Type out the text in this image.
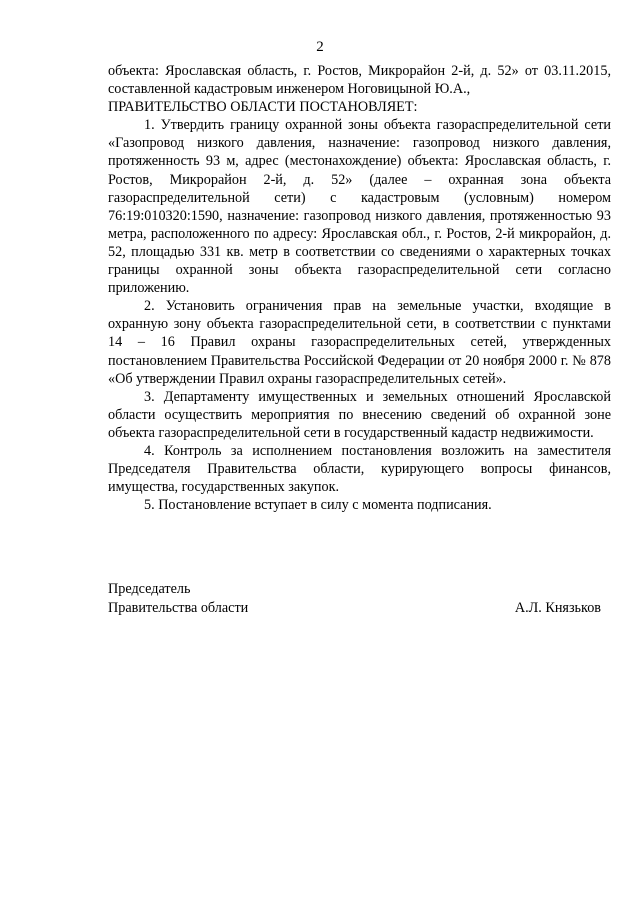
2

объекта: Ярославская область, г. Ростов, Микрорайон 2-й, д. 52» от 03.11.2015, составленной кадастровым инженером Ноговицыной Ю.А.,

ПРАВИТЕЛЬСТВО ОБЛАСТИ ПОСТАНОВЛЯЕТ:

1. Утвердить границу охранной зоны объекта газораспределительной сети «Газопровод низкого давления, назначение: газопровод низкого давления, протяженность 93 м, адрес (местонахождение) объекта: Ярославская область, г. Ростов, Микрорайон 2-й, д. 52» (далее – охранная зона объекта газораспределительной сети) с кадастровым (условным) номером 76:19:010320:1590, назначение: газопровод низкого давления, протяженностью 93 метра, расположенного по адресу: Ярославская обл., г. Ростов, 2-й микрорайон, д. 52, площадью 331 кв. метр в соответствии со сведениями о характерных точках границы охранной зоны объекта газораспределительной сети согласно приложению.

2. Установить ограничения прав на земельные участки, входящие в охранную зону объекта газораспределительной сети, в соответствии с пунктами 14 – 16 Правил охраны газораспределительных сетей, утвержденных постановлением Правительства Российской Федерации от 20 ноября 2000 г. № 878 «Об утверждении Правил охраны газораспределительных сетей».

3. Департаменту имущественных и земельных отношений Ярославской области осуществить мероприятия по внесению сведений об охранной зоне объекта газораспределительной сети в государственный кадастр недвижимости.

4. Контроль за исполнением постановления возложить на заместителя Председателя Правительства области, курирующего вопросы финансов, имущества, государственных закупок.

5. Постановление вступает в силу с момента подписания.

Председатель
Правительства области	А.Л. Князьков
